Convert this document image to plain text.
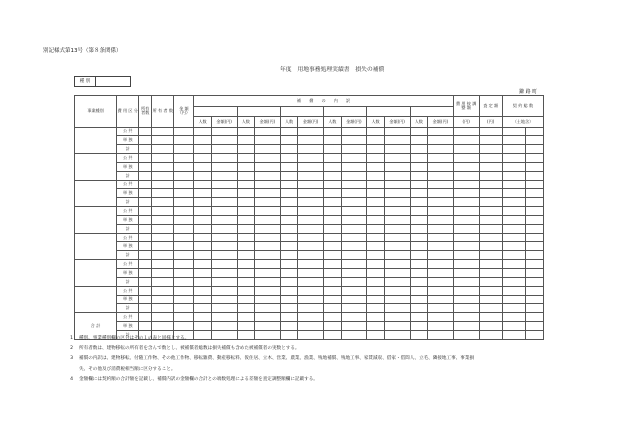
別記様式第13号（第８条関係）
年度　用地事務処理実績書　損失の補償
種 別
鎌 路 町
事業種別	費 用 区 分	所有者数	所 有 者 数	金 額 （円）	補　　償　　の　　内　　訳												費 用 按 調 整 額	査 定 額	契 約 総 数	

					人数	金額(円)	人数	金額(円)	人数	金額(円)	人数	金額(円)	人数	金額(円)	人数	金額(円)	(円)	(円)	（土地含）	
	公 共																			
	単 独																			
	計																			
	公 共																			
	単 独																			
	計																			
	公 共																			
	単 独																			
	計																			
	公 共																			
	単 独																			
	計																			
	公 共																			
	単 独																			
	計																			
	公 共																			
	単 独																			
	計																			
	公 共																			
	単 独																			
	計																			
合 計	公 共																			
	単 独																			
	計																			
1	種別、事業種別欄の区分はその１の表と同様とする。
2	所有者数は、建物移転の所有者を含んで数とし、被補償者総数は損失補償も含めた被補償者の実数とする。
3	補償の内訳は、建物移転、付随工作物、その他工作物、移転雑費、動産移転料、仮住居、立木、営業、農業、漁業、残地補償、残地工事、家賃減収、借家・借間人、立毛、隣接地工事、事業損
失、その他及び消費税相当額に区分すること。
4	金額欄には契約額の合計額を記載し、補償内訳の金額欄の合計との端数処理による差額を査定調整額欄に記載する。
